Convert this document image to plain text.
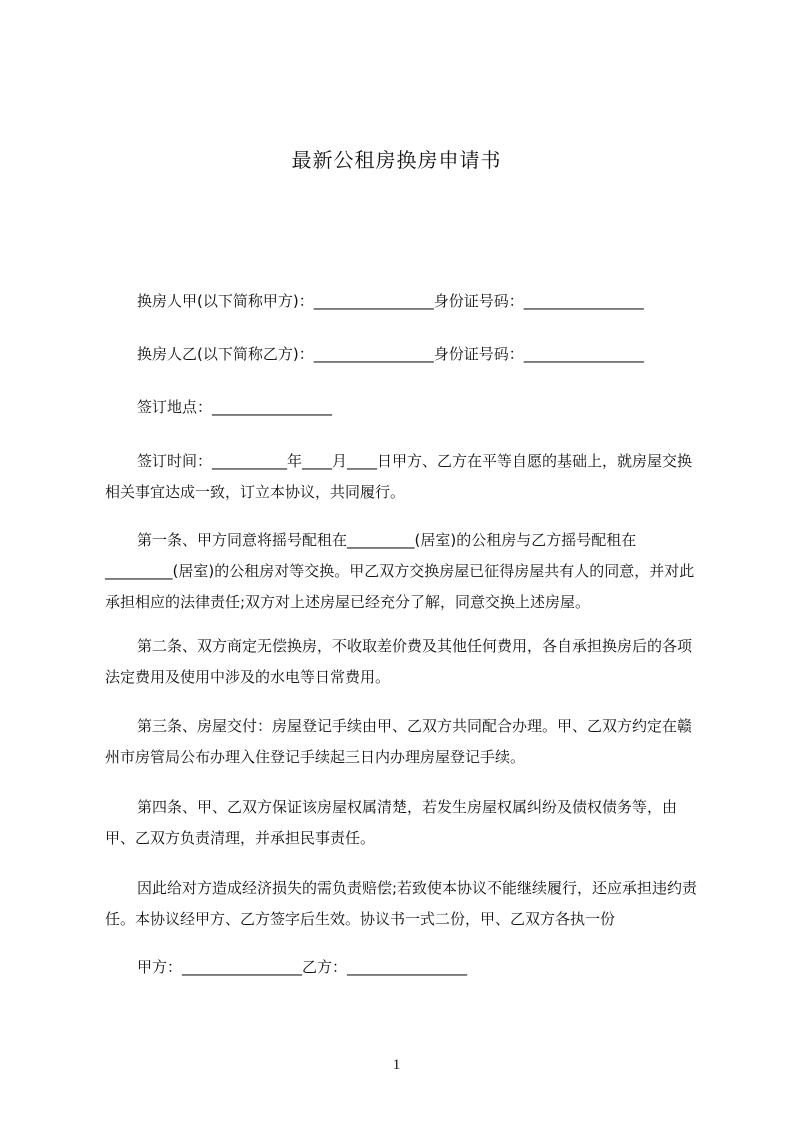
最新公租房换房申请书
换房人甲(以下简称甲方)：________________身份证号码：________________
换房人乙(以下简称乙方)：________________身份证号码：________________
签订地点：________________
签订时间：__________年____月____日甲方、乙方在平等自愿的基础上，就房屋交换相关事宜达成一致，订立本协议，共同履行。
第一条、甲方同意将摇号配租在_________(居室)的公租房与乙方摇号配租在_________(居室)的公租房对等交换。甲乙双方交换房屋已征得房屋共有人的同意，并对此承担相应的法律责任;双方对上述房屋已经充分了解，同意交换上述房屋。
第二条、双方商定无偿换房，不收取差价费及其他任何费用，各自承担换房后的各项法定费用及使用中涉及的水电等日常费用。
第三条、房屋交付：房屋登记手续由甲、乙双方共同配合办理。甲、乙双方约定在赣州市房管局公布办理入住登记手续起三日内办理房屋登记手续。
第四条、甲、乙双方保证该房屋权属清楚，若发生房屋权属纠纷及债权债务等，由甲、乙双方负责清理，并承担民事责任。
因此给对方造成经济损失的需负责赔偿;若致使本协议不能继续履行，还应承担违约责任。本协议经甲方、乙方签字后生效。协议书一式二份，甲、乙双方各执一份
甲方：________________乙方：________________
1
